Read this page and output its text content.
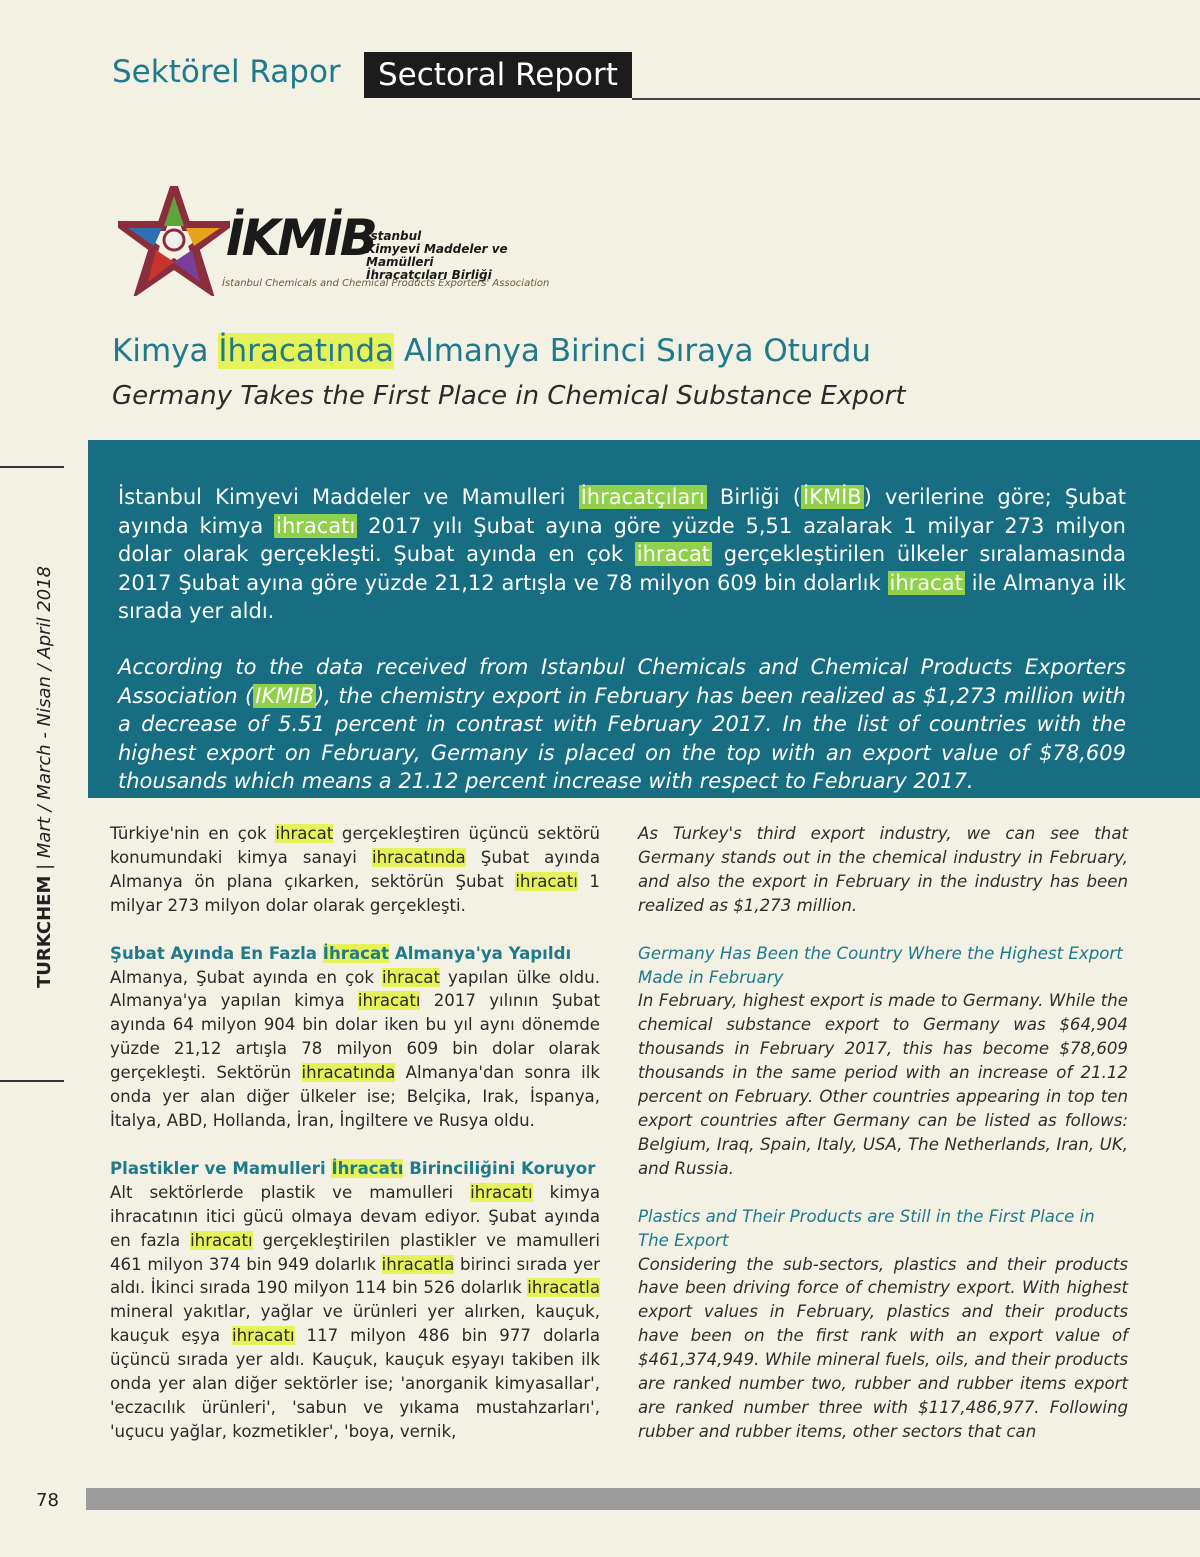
Sektörel Rapor	Sectoral Report
İKMİB
İstanbul
Kimyevi Maddeler ve Mamülleri
İhracatçıları Birliği
İstanbul Chemicals and Chemical Products Exporters' Association
Kimya İhracatında Almanya Birinci Sıraya Oturdu
Germany Takes the First Place in Chemical Substance Export

İstanbul Kimyevi Maddeler ve Mamulleri İhracatçıları Birliği (İKMİB) verilerine göre; Şubat ayında kimya ihracatı 2017 yılı Şubat ayına göre yüzde 5,51 azalarak 1 milyar 273 milyon dolar olarak gerçekleşti. Şubat ayında en çok ihracat gerçekleştirilen ülkeler sıralamasında 2017 Şubat ayına göre yüzde 21,12 artışla ve 78 milyon 609 bin dolarlık ihracat ile Almanya ilk sırada yer aldı.

According to the data received from Istanbul Chemicals and Chemical Products Exporters Association (IKMIB), the chemistry export in February has been realized as $1,273 million with a decrease of 5.51 percent in contrast with February 2017. In the list of countries with the highest export on February, Germany is placed on the top with an export value of $78,609 thousands which means a 21.12 percent increase with respect to February 2017.

TURKCHEM | Mart / March - Nisan / April 2018	Türkiye'nin en çok ihracat gerçekleştiren üçüncü sektörü konumundaki kimya sanayi ihracatında Şubat ayında Almanya ön plana çıkarken, sektörün Şubat ihracatı 1 milyar 273 milyon dolar olarak gerçekleşti.

Şubat Ayında En Fazla İhracat Almanya'ya Yapıldı

Almanya, Şubat ayında en çok ihracat yapılan ülke oldu. Almanya'ya yapılan kimya ihracatı 2017 yılının Şubat ayında 64 milyon 904 bin dolar iken bu yıl aynı dönemde yüzde 21,12 artışla 78 milyon 609 bin dolar olarak gerçekleşti. Sektörün ihracatında Almanya'dan sonra ilk onda yer alan diğer ülkeler ise; Belçika, Irak, İspanya, İtalya, ABD, Hollanda, İran, İngiltere ve Rusya oldu.

Plastikler ve Mamulleri İhracatı Birinciliğini Koruyor

Alt sektörlerde plastik ve mamulleri ihracatı kimya ihracatının itici gücü olmaya devam ediyor. Şubat ayında en fazla ihracatı gerçekleştirilen plastikler ve mamulleri 461 milyon 374 bin 949 dolarlık ihracatla birinci sırada yer aldı. İkinci sırada 190 milyon 114 bin 526 dolarlık ihracatla mineral yakıtlar, yağlar ve ürünleri yer alırken, kauçuk, kauçuk eşya ihracatı 117 milyon 486 bin 977 dolarla üçüncü sırada yer aldı. Kauçuk, kauçuk eşyayı takiben ilk onda yer alan diğer sektörler ise; 'anorganik kimyasallar', 'eczacılık ürünleri', 'sabun ve yıkama mustahzarları', 'uçucu yağlar, kozmetikler', 'boya, vernik,

As Turkey's third export industry, we can see that Germany stands out in the chemical industry in February, and also the export in February in the industry has been realized as $1,273 million.

Germany Has Been the Country Where the Highest Export Made in February

In February, highest export is made to Germany. While the chemical substance export to Germany was $64,904 thousands in February 2017, this has become $78,609 thousands in the same period with an increase of 21.12 percent on February. Other countries appearing in top ten export countries after Germany can be listed as follows: Belgium, Iraq, Spain, Italy, USA, The Netherlands, Iran, UK, and Russia.

Plastics and Their Products are Still in the First Place in The Export

Considering the sub-sectors, plastics and their products have been driving force of chemistry export. With highest export values in February, plastics and their products have been on the first rank with an export value of $461,374,949. While mineral fuels, oils, and their products are ranked number two, rubber and rubber items export are ranked number three with $117,486,977. Following rubber and rubber items, other sectors that can

78
